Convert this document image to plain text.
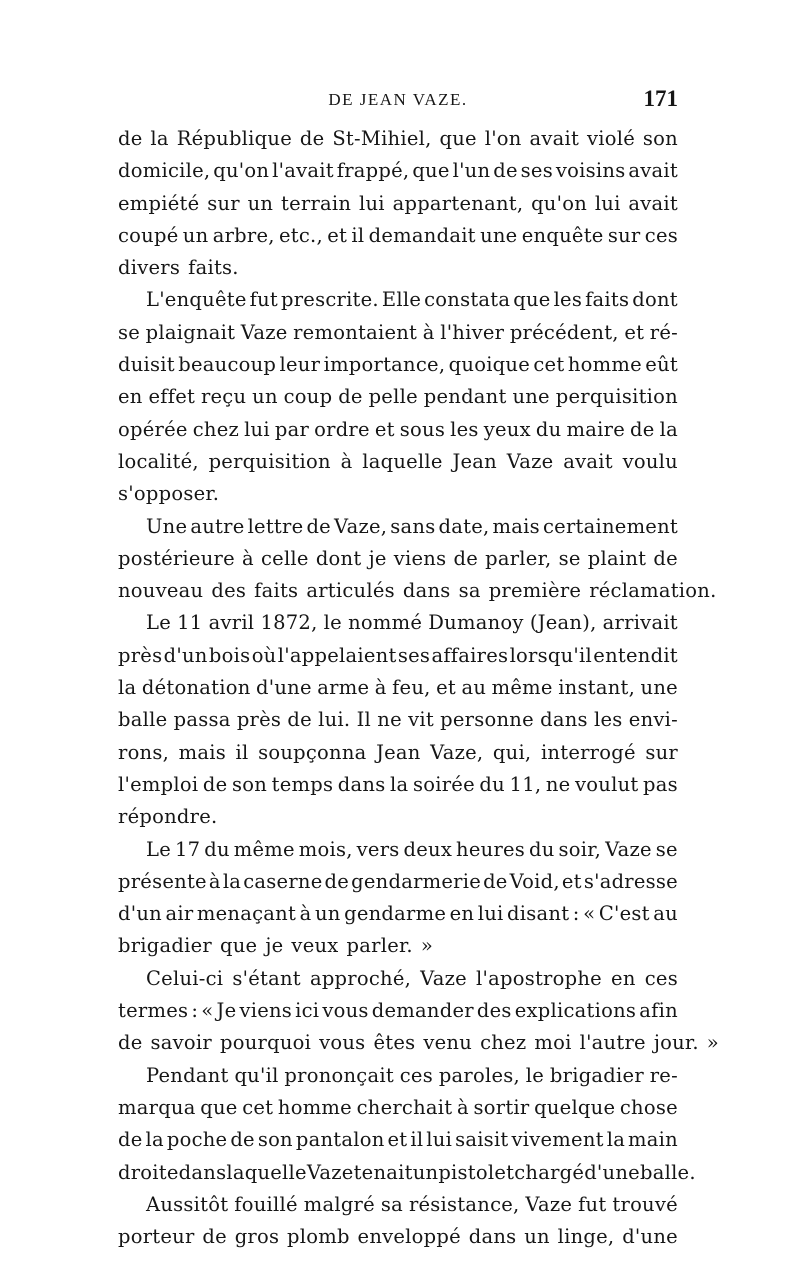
DE JEAN VAZE.	171
de la République de St-Mihiel, que l'on avait violé son
domicile, qu'on l'avait frappé, que l'un de ses voisins avait
empiété sur un terrain lui appartenant, qu'on lui avait
coupé un arbre, etc., et il demandait une enquête sur ces
divers faits.
L'enquête fut prescrite. Elle constata que les faits dont
se plaignait Vaze remontaient à l'hiver précédent, et ré-
duisit beaucoup leur importance, quoique cet homme eût
en effet reçu un coup de pelle pendant une perquisition
opérée chez lui par ordre et sous les yeux du maire de la
localité, perquisition à laquelle Jean Vaze avait voulu
s'opposer.
Une autre lettre de Vaze, sans date, mais certainement
postérieure à celle dont je viens de parler, se plaint de
nouveau des faits articulés dans sa première réclamation.
Le 11 avril 1872, le nommé Dumanoy (Jean), arrivait
près d'un bois où l'appelaient ses affaires lorsqu'il entendit
la détonation d'une arme à feu, et au même instant, une
balle passa près de lui. Il ne vit personne dans les envi-
rons, mais il soupçonna Jean Vaze, qui, interrogé sur
l'emploi de son temps dans la soirée du 11, ne voulut pas
répondre.
Le 17 du même mois, vers deux heures du soir, Vaze se
présente à la caserne de gendarmerie de Void, et s'adresse
d'un air menaçant à un gendarme en lui disant : « C'est au
brigadier que je veux parler. »
Celui-ci s'étant approché, Vaze l'apostrophe en ces
termes : « Je viens ici vous demander des explications afin
de savoir pourquoi vous êtes venu chez moi l'autre jour. »
Pendant qu'il prononçait ces paroles, le brigadier re-
marqua que cet homme cherchait à sortir quelque chose
de la poche de son pantalon et il lui saisit vivement la main
droite dans laquelle Vaze tenait un pistolet chargé d'une balle.
Aussitôt fouillé malgré sa résistance, Vaze fut trouvé
porteur de gros plomb enveloppé dans un linge, d'une
